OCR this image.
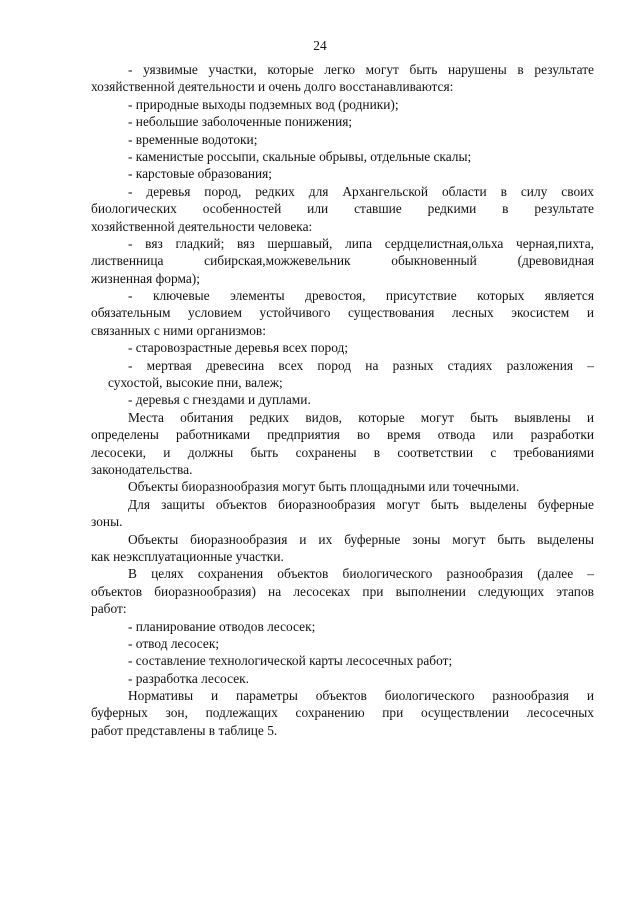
24
- уязвимые участки, которые легко могут быть нарушены в результате
хозяйственной деятельности и очень долго восстанавливаются:
- природные выходы подземных вод (родники);
- небольшие заболоченные понижения;
- временные водотоки;
- каменистые россыпи, скальные обрывы, отдельные скалы;
- карстовые образования;
- деревья пород, редких для Архангельской области в силу своих
биологических особенностей или ставшие редкими в результате
хозяйственной деятельности человека:
- вяз гладкий; вяз шершавый, липа сердцелистная,ольха черная,пихта,
лиственница сибирская,можжевельник обыкновенный (древовидная
жизненная форма);
- ключевые элементы древостоя, присутствие которых является
обязательным условием устойчивого существования лесных экосистем и
связанных с ними организмов:
- старовозрастные деревья всех пород;
- мертвая древесина всех пород на разных стадиях разложения –
сухостой, высокие пни, валеж;
- деревья с гнездами и дуплами.
Места обитания редких видов, которые могут быть выявлены и
определены работниками предприятия во время отвода или разработки
лесосеки, и должны быть сохранены в соответствии с требованиями
законодательства.
Объекты биоразнообразия могут быть площадными или точечными.
Для защиты объектов биоразнообразия могут быть выделены буферные
зоны.
Объекты биоразнообразия и их буферные зоны могут быть выделены
как неэксплуатационные участки.
В целях сохранения объектов биологического разнообразия (далее –
объектов биоразнообразия) на лесосеках при выполнении следующих этапов
работ:
- планирование отводов лесосек;
- отвод лесосек;
- составление технологической карты лесосечных работ;
- разработка лесосек.
Нормативы и параметры объектов биологического разнообразия и
буферных зон, подлежащих сохранению при осуществлении лесосечных
работ представлены в таблице 5.
